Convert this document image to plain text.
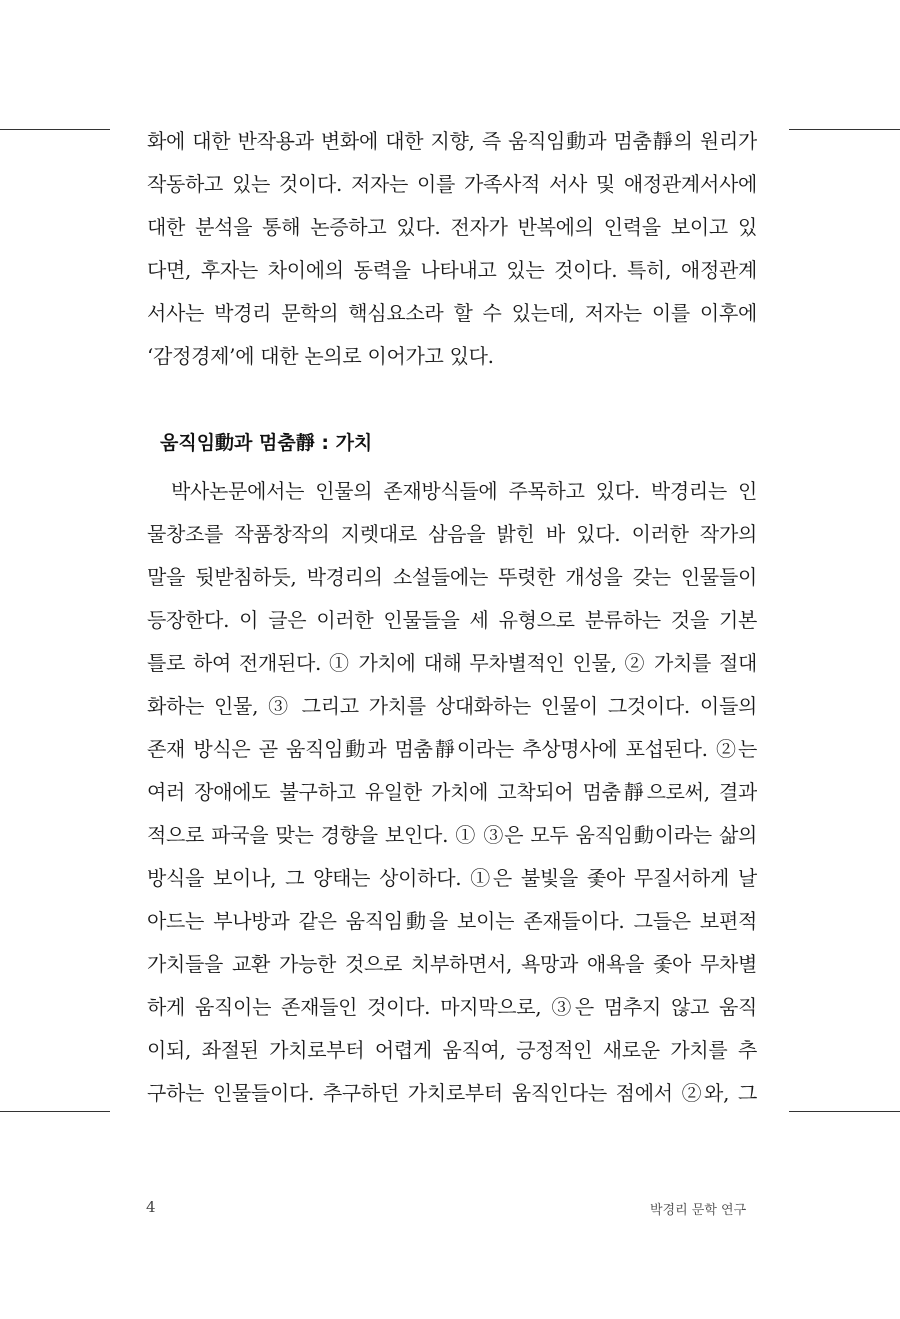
화에 대한 반작용과 변화에 대한 지향, 즉 움직임動과 멈춤靜의 원리가
작동하고 있는 것이다. 저자는 이를 가족사적 서사 및 애정관계서사에
대한 분석을 통해 논증하고 있다. 전자가 반복에의 인력을 보이고 있
다면, 후자는 차이에의 동력을 나타내고 있는 것이다. 특히, 애정관계
서사는 박경리 문학의 핵심요소라 할 수 있는데, 저자는 이를 이후에
‘감정경제’에 대한 논의로 이어가고 있다.
움직임動과 멈춤靜 : 가치
박사논문에서는 인물의 존재방식들에 주목하고 있다. 박경리는 인
물창조를 작품창작의 지렛대로 삼음을 밝힌 바 있다. 이러한 작가의
말을 뒷받침하듯, 박경리의 소설들에는 뚜렷한 개성을 갖는 인물들이
등장한다. 이 글은 이러한 인물들을 세 유형으로 분류하는 것을 기본
틀로 하여 전개된다. ① 가치에 대해 무차별적인 인물, ② 가치를 절대
화하는 인물, ③ 그리고 가치를 상대화하는 인물이 그것이다. 이들의
존재 방식은 곧 움직임動과 멈춤靜이라는 추상명사에 포섭된다. ②는
여러 장애에도 불구하고 유일한 가치에 고착되어 멈춤靜으로써, 결과
적으로 파국을 맞는 경향을 보인다. ① ③은 모두 움직임動이라는 삶의
방식을 보이나, 그 양태는 상이하다. ①은 불빛을 좇아 무질서하게 날
아드는 부나방과 같은 움직임動을 보이는 존재들이다. 그들은 보편적
가치들을 교환 가능한 것으로 치부하면서, 욕망과 애욕을 좇아 무차별
하게 움직이는 존재들인 것이다. 마지막으로, ③은 멈추지 않고 움직
이되, 좌절된 가치로부터 어렵게 움직여, 긍정적인 새로운 가치를 추
구하는 인물들이다. 추구하던 가치로부터 움직인다는 점에서 ②와, 그
4	박경리 문학 연구
